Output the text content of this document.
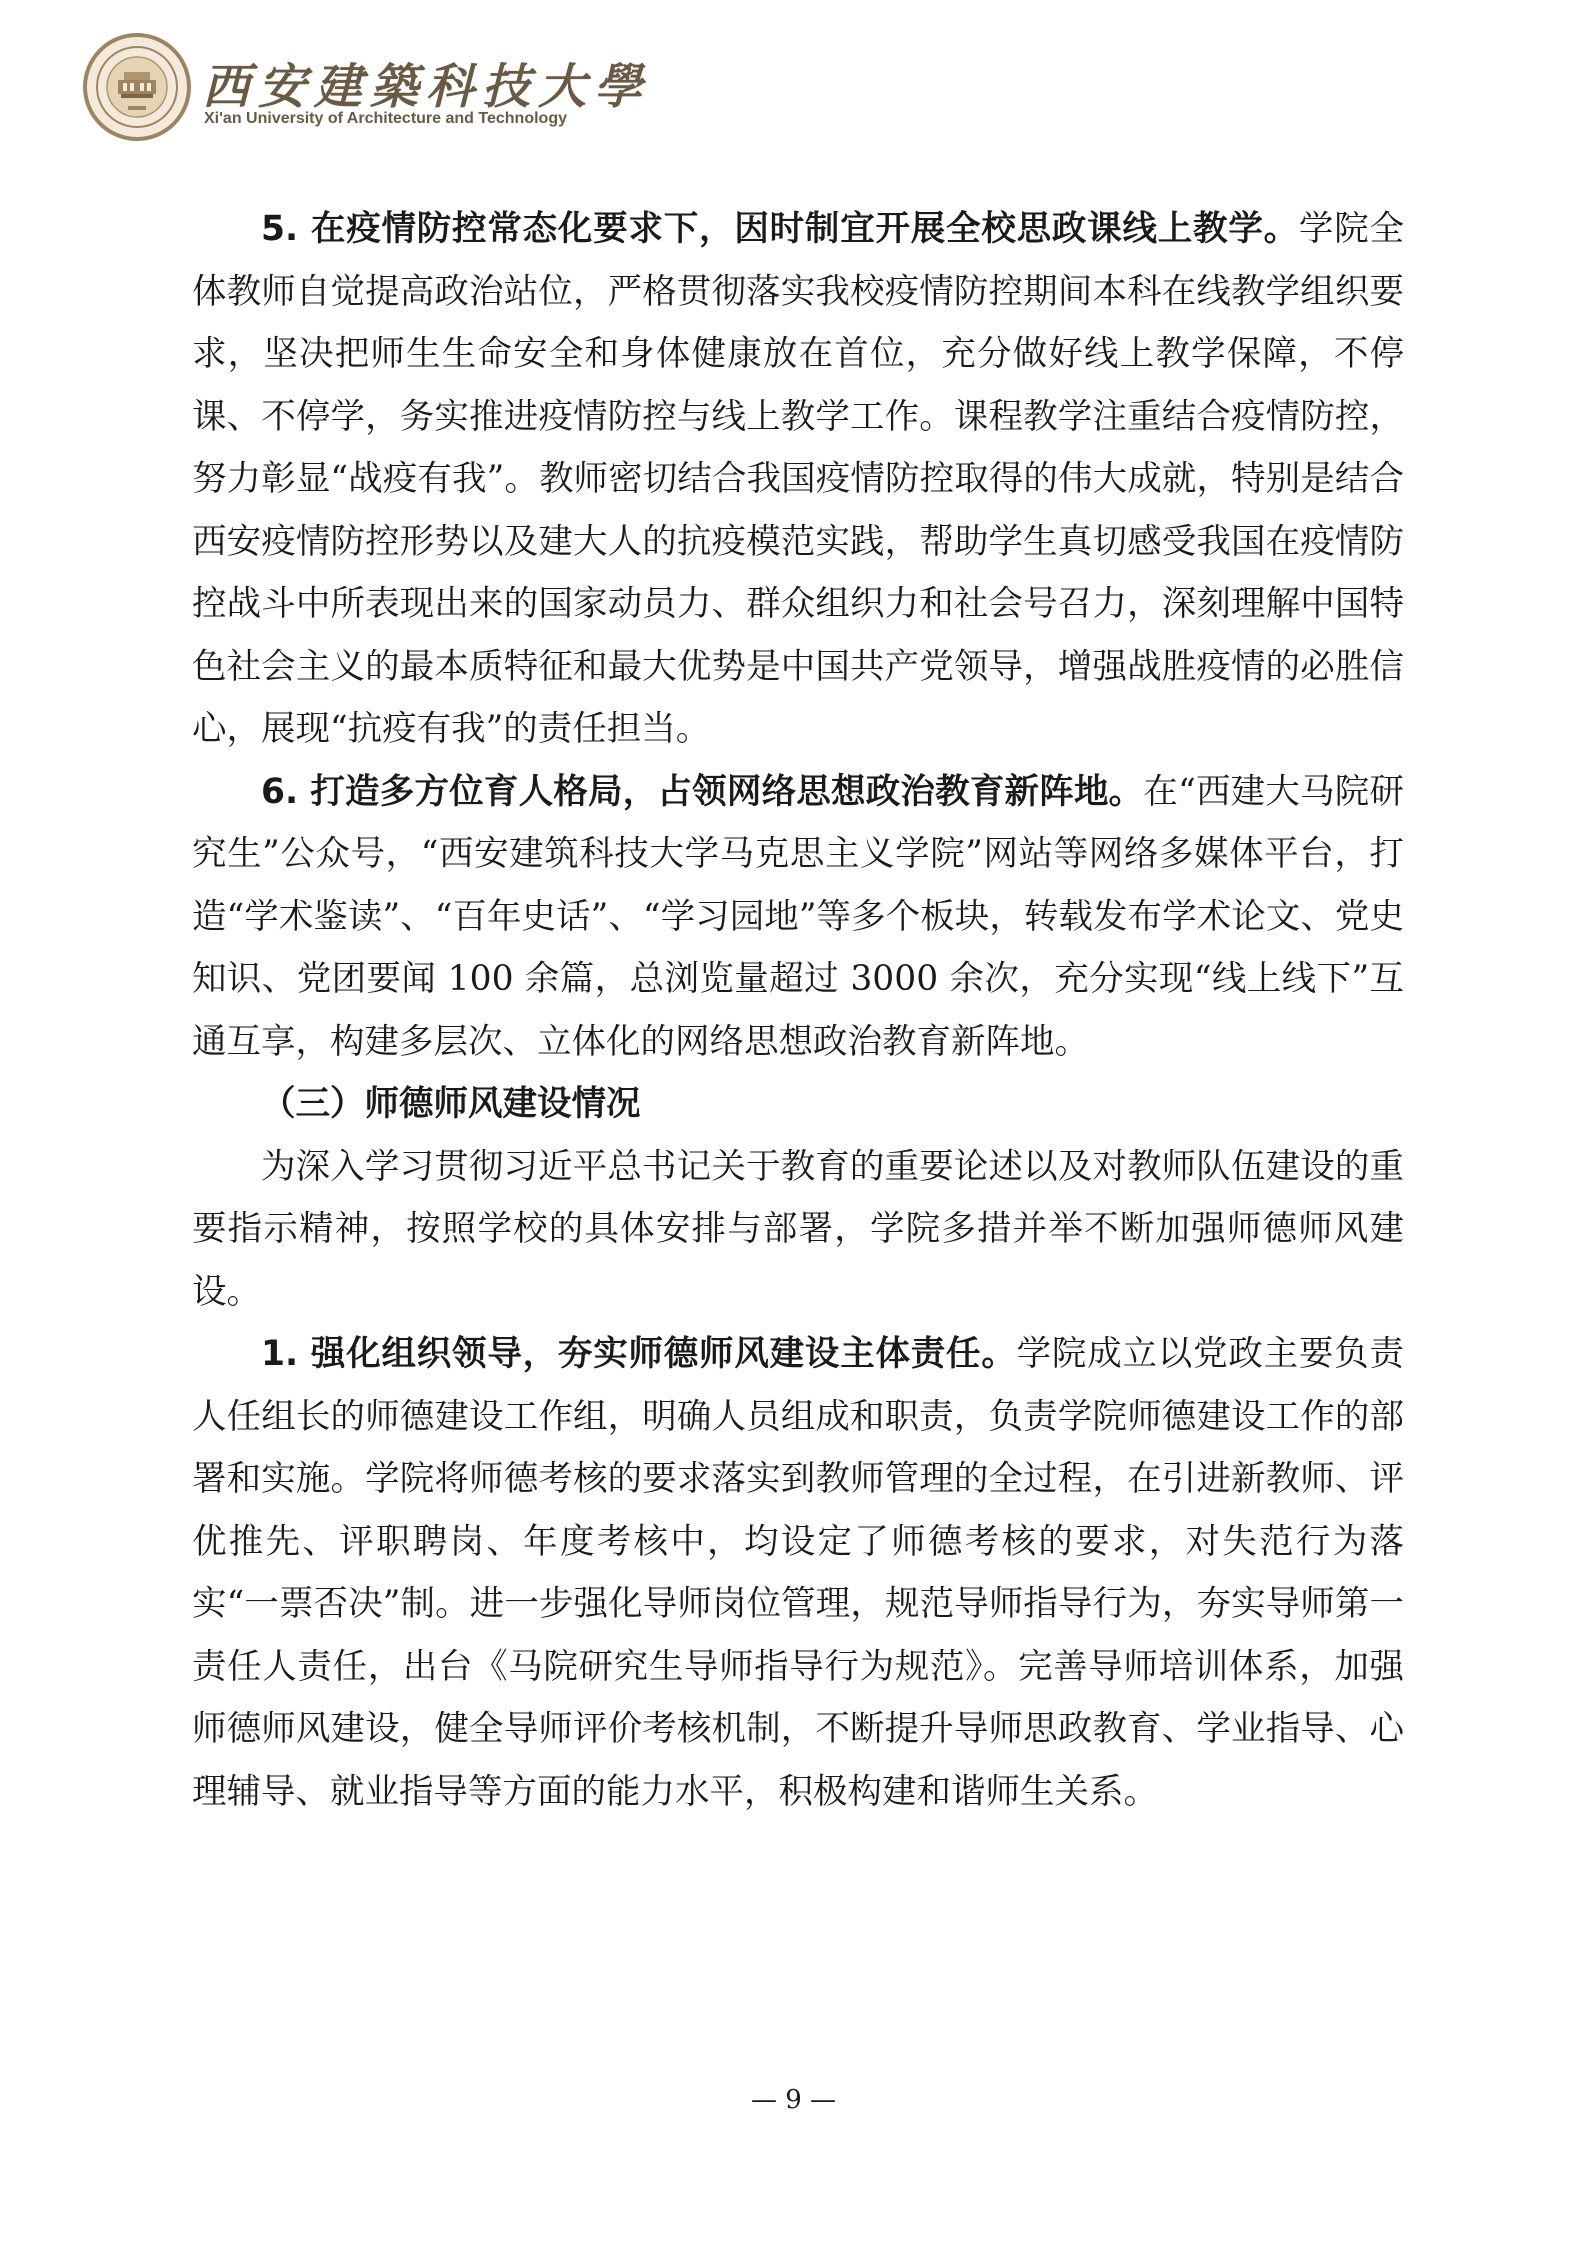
西安建築科技大學
Xi'an University of Architecture and Technology

5. 在疫情防控常态化要求下，因时制宜开展全校思政课线上教学。学院全体教师自觉提高政治站位，严格贯彻落实我校疫情防控期间本科在线教学组织要求，坚决把师生生命安全和身体健康放在首位，充分做好线上教学保障，不停课、不停学，务实推进疫情防控与线上教学工作。课程教学注重结合疫情防控，努力彰显“战疫有我”。教师密切结合我国疫情防控取得的伟大成就，特别是结合西安疫情防控形势以及建大人的抗疫模范实践，帮助学生真切感受我国在疫情防控战斗中所表现出来的国家动员力、群众组织力和社会号召力，深刻理解中国特色社会主义的最本质特征和最大优势是中国共产党领导，增强战胜疫情的必胜信心，展现“抗疫有我”的责任担当。

6. 打造多方位育人格局，占领网络思想政治教育新阵地。在“西建大马院研究生”公众号，“西安建筑科技大学马克思主义学院”网站等网络多媒体平台，打造“学术鉴读”、“百年史话”、“学习园地”等多个板块，转载发布学术论文、党史知识、党团要闻 100 余篇，总浏览量超过 3000 余次，充分实现“线上线下”互通互享，构建多层次、立体化的网络思想政治教育新阵地。

（三）师德师风建设情况

为深入学习贯彻习近平总书记关于教育的重要论述以及对教师队伍建设的重要指示精神，按照学校的具体安排与部署，学院多措并举不断加强师德师风建设。

1. 强化组织领导，夯实师德师风建设主体责任。学院成立以党政主要负责人任组长的师德建设工作组，明确人员组成和职责，负责学院师德建设工作的部署和实施。学院将师德考核的要求落实到教师管理的全过程，在引进新教师、评优推先、评职聘岗、年度考核中，均设定了师德考核的要求，对失范行为落实“一票否决”制。进一步强化导师岗位管理，规范导师指导行为，夯实导师第一责任人责任，出台《马院研究生导师指导行为规范》。完善导师培训体系，加强师德师风建设，健全导师评价考核机制，不断提升导师思政教育、学业指导、心理辅导、就业指导等方面的能力水平，积极构建和谐师生关系。

— 9 —
